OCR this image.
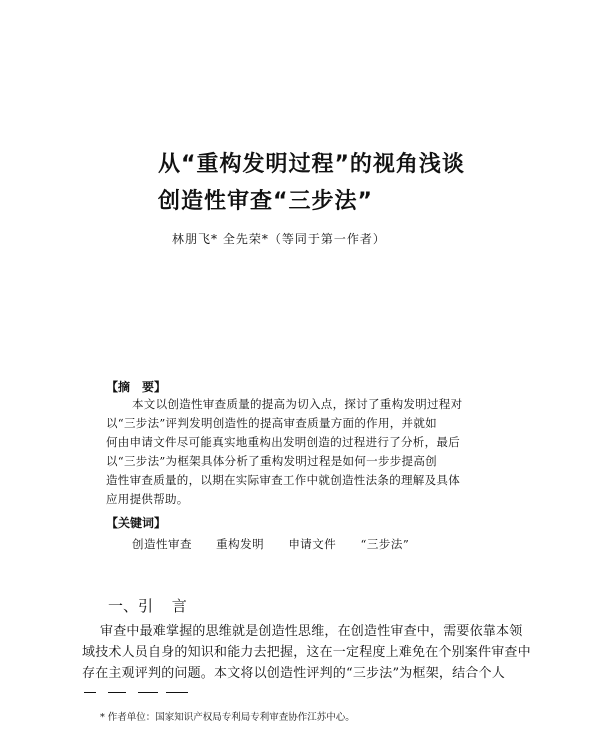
从“重构发明过程”的视角浅谈
创造性审查“三步法”
林朋飞* 全先荣*（等同于第一作者）
【摘　要】
本文以创造性审查质量的提高为切入点，探讨了重构发明过程对
以“三步法”评判发明创造性的提高审查质量方面的作用，并就如
何由申请文件尽可能真实地重构出发明创造的过程进行了分析，最后
以“三步法”为框架具体分析了重构发明过程是如何一步步提高创
造性审查质量的，以期在实际审查工作中就创造性法条的理解及具体
应用提供帮助。
【关键词】
创造性审查 重构发明 申请文件 “三步法”
一、引 言
审查中最难掌握的思维就是创造性思维，在创造性审查中，需要依靠本领
域技术人员自身的知识和能力去把握，这在一定程度上难免在个别案件审查中
存在主观评判的问题。本文将以创造性评判的“三步法”为框架，结合个人
* 作者单位：国家知识产权局专利局专利审查协作江苏中心。
